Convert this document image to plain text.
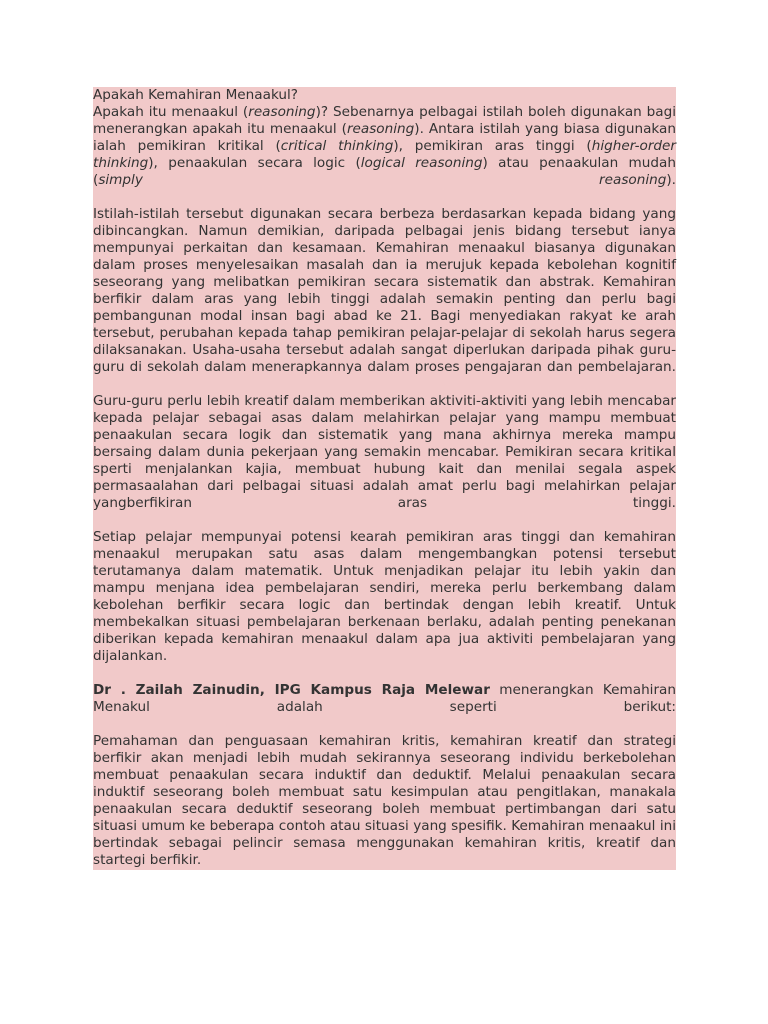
Apakah Kemahiran Menaakul?

Apakah itu menaakul (reasoning)? Sebenarnya pelbagai istilah boleh digunakan bagi menerangkan apakah itu menaakul (reasoning). Antara istilah yang biasa digunakan ialah pemikiran kritikal (critical thinking), pemikiran aras tinggi (higher-order thinking), penaakulan secara logic (logical reasoning) atau penaakulan mudah (simply reasoning).

Istilah-istilah tersebut digunakan secara berbeza berdasarkan kepada bidang yang dibincangkan. Namun demikian, daripada pelbagai jenis bidang tersebut ianya mempunyai perkaitan dan kesamaan. Kemahiran menaakul biasanya digunakan dalam proses menyelesaikan masalah dan ia merujuk kepada kebolehan kognitif seseorang yang melibatkan pemikiran secara sistematik dan abstrak. Kemahiran berfikir dalam aras yang lebih tinggi adalah semakin penting dan perlu bagi pembangunan modal insan bagi abad ke 21. Bagi menyediakan rakyat ke arah tersebut, perubahan kepada tahap pemikiran pelajar-pelajar di sekolah harus segera dilaksanakan. Usaha-usaha tersebut adalah sangat diperlukan daripada pihak guru-guru di sekolah dalam menerapkannya dalam proses pengajaran dan pembelajaran.

Guru-guru perlu lebih kreatif dalam memberikan aktiviti-aktiviti yang lebih mencabar kepada pelajar sebagai asas dalam melahirkan pelajar yang mampu membuat penaakulan secara logik dan sistematik yang mana akhirnya mereka mampu bersaing dalam dunia pekerjaan yang semakin mencabar. Pemikiran secara kritikal sperti menjalankan kajia, membuat hubung kait dan menilai segala aspek permasaalahan dari pelbagai situasi adalah amat perlu bagi melahirkan pelajar yangberfikiran aras tinggi.

Setiap pelajar mempunyai potensi kearah pemikiran aras tinggi dan kemahiran menaakul merupakan satu asas dalam mengembangkan potensi tersebut terutamanya dalam matematik. Untuk menjadikan pelajar itu lebih yakin dan mampu menjana idea pembelajaran sendiri, mereka perlu berkembang dalam kebolehan berfikir secara logic dan bertindak dengan lebih kreatif. Untuk membekalkan situasi pembelajaran berkenaan berlaku, adalah penting penekanan diberikan kepada kemahiran menaakul dalam apa jua aktiviti pembelajaran yang dijalankan.

Dr . Zailah Zainudin, IPG Kampus Raja Melewar menerangkan Kemahiran Menakul adalah seperti berikut:

Pemahaman dan penguasaan kemahiran kritis, kemahiran kreatif dan strategi berfikir akan menjadi lebih mudah sekirannya seseorang individu berkebolehan membuat penaakulan secara induktif dan deduktif. Melalui penaakulan secara induktif seseorang boleh membuat satu kesimpulan atau pengitlakan, manakala penaakulan secara deduktif seseorang boleh membuat pertimbangan dari satu situasi umum ke beberapa contoh atau situasi yang spesifik. Kemahiran menaakul ini bertindak sebagai pelincir semasa menggunakan kemahiran kritis, kreatif dan startegi berfikir.
